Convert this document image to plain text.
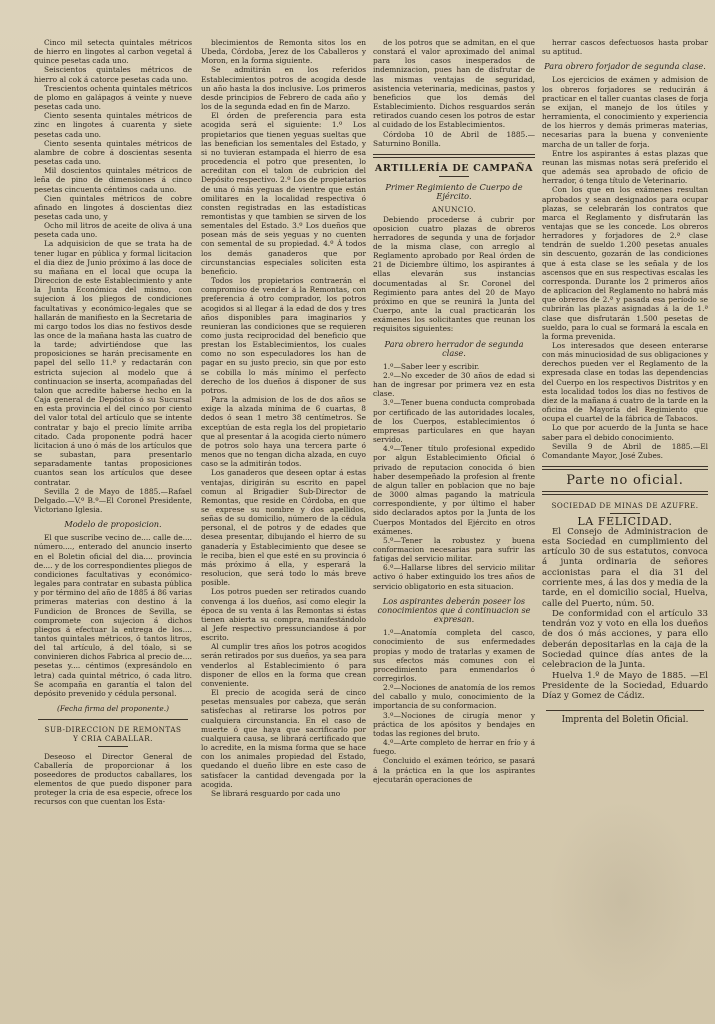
Cinco mil setecta quintales métricos de hierro en lingotes al carbon vegetal á quince pesetas cada uno.

Seiscientos quintales métricos de hierro al cok á catorce pesetas cada uno.

Trescientos ochenta quintales métricos de plomo en galápagos á veinte y nueve pesetas cada uno.

Ciento sesenta quintales métricos de zinc en lingotes á cuarenta y siete pesetas cada uno.

Ciento sesenta quintales métricos de alambre de cobre á doscientas sesenta pesetas cada uno.

Mil doscientos quintales métricos de leña de pino de dimensiones á cinco pesetas cincuenta céntimos cada uno.

Cien quintales métricos de cobre afinado en lingotes á doscientas diez pesetas cada uno, y

Ocho mil litros de aceite de oliva á una peseta cada uno.

La adquisicion de que se trata ha de tener lugar en pública y formal licitacion el dia diez de Junio próximo á las doce de su mañana en el local que ocupa la Direccion de este Establecimiento y ante la Junta Económica del mismo, con sujecion á los pliegos de condiciones facultativas y económico-legales que se hallarán de manifiesto en la Secretaria de mi cargo todos los dias no festivos desde las once de la mañana hasta las cuatro de la tarde; advirtiéndose que las proposiciones se harán precisamente en papel del sello 11.ª y redactarán con estricta sujecion al modelo que á continuacion se inserta, acompañadas del talon que acredite haberse hecho en la Caja general de Depósitos ó su Sucursal en esta provincia el del cinco por ciento del valor total del artículo que se intente contratar y bajo el precio límite arriba citado. Cada proponente podrá hacer licitacion á uno ó más de los artículos que se subastan, para presentarlo separadamente tantas proposiciones cuantos sean los artículos que desee contratar.

Sevilla 2 de Mayo de 1885.—Rafael Delgado.—V.º B.º—El Coronel Presidente, Victoriano Iglesia.

Modelo de proposicion.

El que suscribe vecino de.... calle de.... número...., enterado del anuncio inserto en el Boletin oficial del dia.... provincia de.... y de los correspondientes pliegos de condiciones facultativas y económico-legales para contratar en subasta pública y por término del año de 1885 á 86 varias primeras materias con destino á la Fundicion de Bronces de Sevilla, se compromete con sujecion á dichos pliegos á efectuar la entrega de los.... tantos quintales métricos, ó tantos litros, del tal artículo, á del tóalo, si se convinieren dichos Fabrica al precio de.... pesetas y.... céntimos (expresándolo en letra) cada quintal métrico, ó cada litro. Se acompaña en garantía el talon del depósito prevenido y cédula personal.

(Fecha firma del proponente.)

SUB-DIRECCION DE REMONTAS

Y CRIA CABALLAR.

Deseoso el Director General de Caballería de proporcionar á los poseedores de productos caballares, los elementos de que puedo disponer para proteger la cria de esa especie, ofrece los recursos con que cuentan los Esta-

blecimientos de Remonta sitos los en Ubeda, Córdoba, Jerez de los Caballeros y Moron, en la forma siguiente.

Se admitirán en los referidos Establecimientos potros de acogida desde un año hasta la dos inclusive. Los primeros desde principios de Febrero de cada año y los de la segunda edad en fin de Marzo.

El órden de preferencia para esta acogida será el siguiente: 1.º Los propietarios que tienen yeguas sueltas que las benefician los sementales del Estado, y si no tuvieran estampada el hierro de esa procedencia el potro que presenten, lo acreditan con el talon de cubricion del Depósito respectivo. 2.º Los de propietarios de una ó más yeguas de vientre que están omilitares en la localidad respectiva ó consten registradas en las estadísticas remontistas y que tambien se sirven de los sementales del Estado. 3.º Los dueños que posean más de seis yeguas y no cuenten con semental de su propiedad. 4.º Á todos los demás ganaderos que por circunstancias especiales soliciten esta beneficio.

Todos los propietarios contraerán el compromiso de vender á la Remontas, con preferencia á otro comprador, los potros acogidos si al llegar á la edad de dos y tres años disponibles para imaginarios y reunieran las condiciones que se requieren como justa reciprocidad del beneficio que prestan los Establecimientos, los cuales como no son especuladores los han de pagar en su justo precio, sin que por esto se cobilla lo más mínimo el perfecto derecho de los dueños á disponer de sus potros.

Para la admision de los de dos años se exige la alzada mínima de 6 cuartas, 8 dedos ó sean 1 metro 38 centímetros. Se exceptúan de esta regla los del propietario que al presentar á la acogida cierto número de potros solo haya una tercera parte ó menos que no tengan dicha alzada, en cuyo caso se la admitirán todos.

Los ganaderos que deseen optar á estas ventajas, dirigirán su escrito en papel comun al Brigadier Sub-Director de Remontas, que reside en Córdoba, en que se exprese su nombre y dos apellidos, señas de su domicilio, número de la cédula personal, el de potros y de edades que desea presentar, dibujando el hierro de su ganadería y Establecimiento que desee se le reciba, bien el que esté en su provincia ó más próximo á ella, y esperará la resolucion, que será todo lo más breve posible.

Los potros pueden ser retirados cuando convenga á los dueños, así como elegir la época de su venta á las Remontas si éstas tienen abierta su compra, manifestándolo al Jefe respectivo pressunciandose á por escrito.

Al cumplir tres años los potros acogidos serán retirados por sus dueños, ya sea para venderlos al Establecimiento ó para disponer de ellos en la forma que crean conveniente.

El precio de acogida será de cinco pesetas mensuales por cabeza, que serán satisfechas al retirarse los potros por cualquiera circunstancia. En el caso de muerte ó que haya que sacrificarlo por cualquiera causa, se librará certificado que lo acredite, en la misma forma que se hace con los animales propiedad del Estado, quedando el dueño libre en este caso de satisfacer la cantidad devengada por la acogida.

Se librará resguardo por cada uno

de los potros que se admitan, en el que constará el valor aproximado del animal para los casos inesperados de indemnizacion, pues han de disfrutar de las mismas ventajas de seguridad, asistencia veterinaria, medicinas, pastos y beneficios que los demás del Establecimiento. Dichos resguardos serán retirados cuando cesen los potros de estar al cuidado de los Establecimientos.

Córdoba 10 de Abril de 1885.—Saturnino Bonilla.

ARTILLERÍA DE CAMPAÑA

Primer Regimiento de Cuerpo de Ejército.

ANUNCIO.

Debiendo procederse á cubrir por oposicion cuatro plazas de obreros herradores de segunda y una de forjador de la misma clase, con arreglo al Reglamento aprobado por Real órden de 21 de Diciembre último, los aspirantes á ellas elevarán sus instancias documentadas al Sr. Coronel del Regimiento para antes del 20 de Mayo próximo en que se reunirá la Junta del Cuerpo, ante la cual practicarán los exámenes los solicitantes que reunan los requisitos siguientes:

Para obrero herrador de segunda clase.

1.º—Saber leer y escribir.

2.º—No exceder de 30 años de edad si han de ingresar por primera vez en esta clase.

3.º—Tener buena conducta comprobada por certificado de las autoridades locales, de los Cuerpos, establecimientos ó empresas particulares en que hayan servido.

4.º—Tener título profesional expedido por algun Establecimiento Oficial ó privado de reputacion conocida ó bien haber desempeñado la profesion al frente de algun taller en poblacion que no baje de 3000 almas pagando la matrícula correspondiente, y por último el haber sido declarados aptos por la Junta de los Cuerpos Montados del Ejército en otros exámenes.

5.º—Tener la robustez y buena conformacion necesarias para sufrir las fatigas del servicio militar.

6.º—Hallarse libres del servicio militar activo ó haber extinguido los tres años de servicio obligatorio en esta situacion.

Los aspirantes deberán poseer los conocimientos que á continuacion se expresan.

1.º—Anatomía completa del casco, conocimiento de sus enfermedades propias y modo de tratarlas y examen de sus efectos más comunes con el procedimiento para enmendarlos ó corregirlos.

2.º—Nociones de anatomía de los remos del caballo y mulo, conocimiento de la importancia de su conformacion.

3.º—Nociones de cirugía menor y práctica de los apósitos y bendajes en todas las regiones del bruto.

4.º—Arte completo de herrar en frío y á fuego.

Concluido el exámen teórico, se pasará á la práctica en la que los aspirantes ejecutarán operaciones de

herrar cascos defectuosos hasta probar su aptitud.

Para obrero forjador de segunda clase.

Los ejercicios de exámen y admision de los obreros forjadores se reducirán á practicar en el taller cuantas clases de forja se exijan, el manejo de los útiles y herramienta, el conocimiento y experiencia de los hierros y demás primeras materias, necesarias para la buena y conveniente marcha de un taller de forja.

Entre los aspirantes á estas plazas que reunan las mismas notas será preferido el que además sea aprobado de oficio de herrador, ó tenga título de Veterinario.

Con los que en los exámenes resultan aprobados y sean designados para ocupar plazas, se celebrarán los contratos que marca el Reglamento y disfrutarán las ventajas que se les concede. Los obreros herradores y forjadores de 2.ª clase tendrán de sueldo 1.200 pesetas anuales sin descuento, gozarán de las condiciones que á esta clase se les señala y de los ascensos que en sus respectivas escalas les corresponda. Durante los 2 primeros años de aplicacion del Reglamento no habrá más que obreros de 2.ª y pasada esa período se cubrirán las plazas asignadas á la de 1.ª clase que disfrutarán 1.500 pesetas de sueldo, para lo cual se formará la escala en la forma prevenida.

Los interesados que deseen enterarse con más minuciosidad de sus obligaciones y derechos pueden ver el Reglamento de la expresada clase en todas las dependencias del Cuerpo en los respectivos Distritos y en esta localidad todos los dias no festivos de diez de la mañana á cuatro de la tarde en la oficina de Mayoría del Regimiento que ocupa el cuartel de la fábrica de Tabacos.

Lo que por acuerdo de la Junta se hace saber para el debido conocimiento.

Sevilla 9 de Abril de 1885.—El Comandante Mayor, José Zubes.

Parte no oficial.

SOCIEDAD DE MINAS DE AZUFRE.

LA FELICIDAD.

El Consejo de Administracion de esta Sociedad en cumplimiento del artículo 30 de sus estatutos, convoca á junta ordinaria de señores accionistas para el dia 31 del corriente mes, á las dos y media de la tarde, en el domicilio social, Huelva, calle del Puerto, núm. 50.

De conformidad con el artículo 33 tendrán voz y voto en ella los dueños de dos ó más acciones, y para ello deberán depositarlas en la caja de la Sociedad quince días antes de la celebracion de la Junta.

Huelva 1.º de Mayo de 1885. —El Presidente de la Sociedad, Eduardo Díaz y Gomez de Cádiz.

Imprenta del Boletin Oficial.
